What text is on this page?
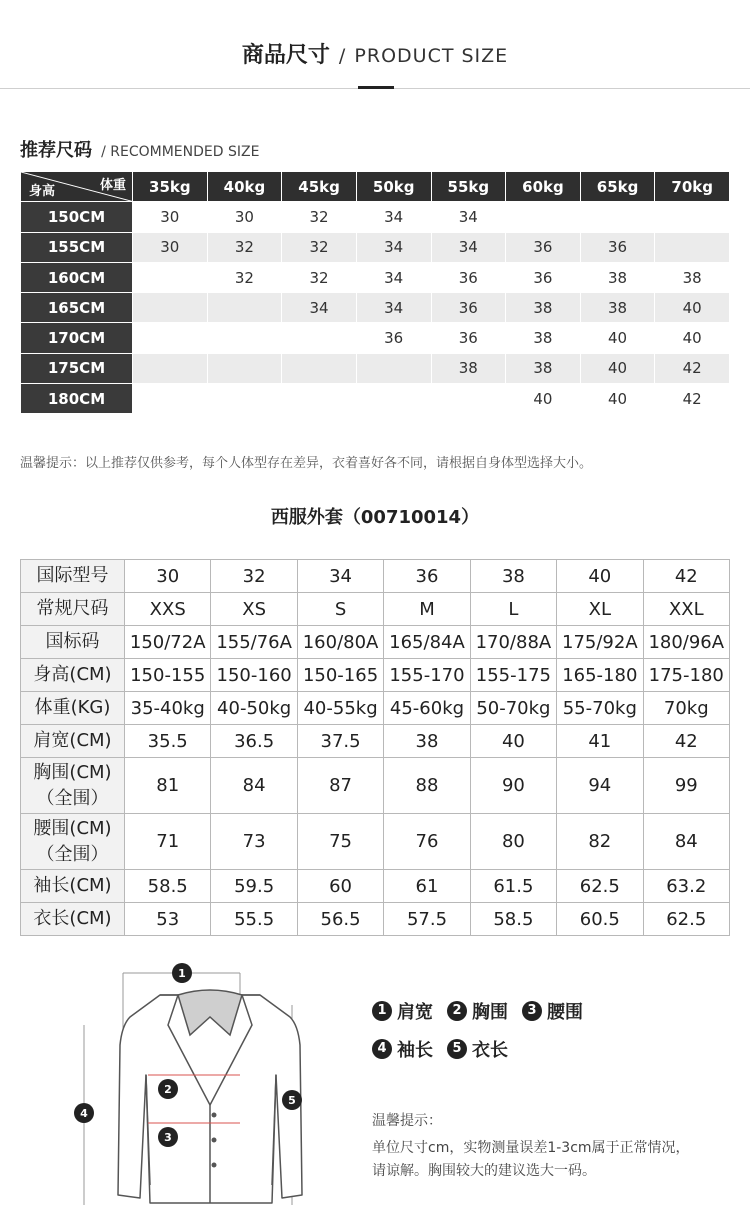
商品尺寸 / PRODUCT SIZE
推荐尺码 / RECOMMENDED SIZE
体重
身高	35kg	40kg	45kg	50kg	55kg	60kg	65kg	70kg
150CM	30	30	32	34	34			
155CM	30	32	32	34	34	36	36	
160CM		32	32	34	36	36	38	38
165CM			34	34	36	38	38	40
170CM				36	36	38	40	40
175CM					38	38	40	42
180CM						40	40	42
温馨提示：以上推荐仅供参考，每个人体型存在差异，衣着喜好各不同，请根据自身体型选择大小。
西服外套（00710014）
国际型号	30	32	34	36	38	40	42

常规尺码	XXS	XS	S	M	L	XL	XXL

国标码	150/72A	155/76A	160/80A	165/84A	170/88A	175/92A	180/96A

身高(CM)	150-155	150-160	150-165	155-170	155-175	165-180	175-180

体重(KG)	35-40kg	40-50kg	40-55kg	45-60kg	50-70kg	55-70kg	70kg

肩宽(CM)	35.5	36.5	37.5	38	40	41	42

胸围(CM)
（全围）	81	84	87	88	90	94	99

腰围(CM)
（全围）	71	73	75	76	80	82	84

袖长(CM)	58.5	59.5	60	61	61.5	62.5	63.2

衣长(CM)	53	55.5	56.5	57.5	58.5	60.5	62.5
1
2
3
4
5
1 肩宽	2 胸围	3 腰围
4 袖长	5 衣长
温馨提示：
单位尺寸cm，实物测量误差1-3cm属于正常情况，请谅解。胸围较大的建议选大一码。
